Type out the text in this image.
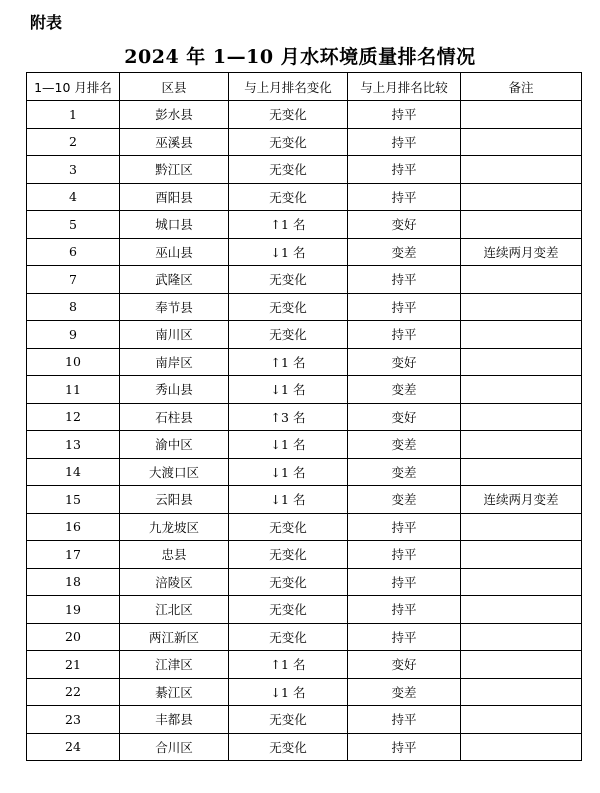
附表
2024 年 1—10 月水环境质量排名情况
1—10 月排名	区县	与上月排名变化	与上月排名比较	备注
1	彭水县	无变化	持平	
2	巫溪县	无变化	持平	
3	黔江区	无变化	持平	
4	酉阳县	无变化	持平	
5	城口县	↑1 名	变好	
6	巫山县	↓1 名	变差	连续两月变差
7	武隆区	无变化	持平	
8	奉节县	无变化	持平	
9	南川区	无变化	持平	
10	南岸区	↑1 名	变好	
11	秀山县	↓1 名	变差	
12	石柱县	↑3 名	变好	
13	渝中区	↓1 名	变差	
14	大渡口区	↓1 名	变差	
15	云阳县	↓1 名	变差	连续两月变差
16	九龙坡区	无变化	持平	
17	忠县	无变化	持平	
18	涪陵区	无变化	持平	
19	江北区	无变化	持平	
20	两江新区	无变化	持平	
21	江津区	↑1 名	变好	
22	綦江区	↓1 名	变差	
23	丰都县	无变化	持平	
24	合川区	无变化	持平	
